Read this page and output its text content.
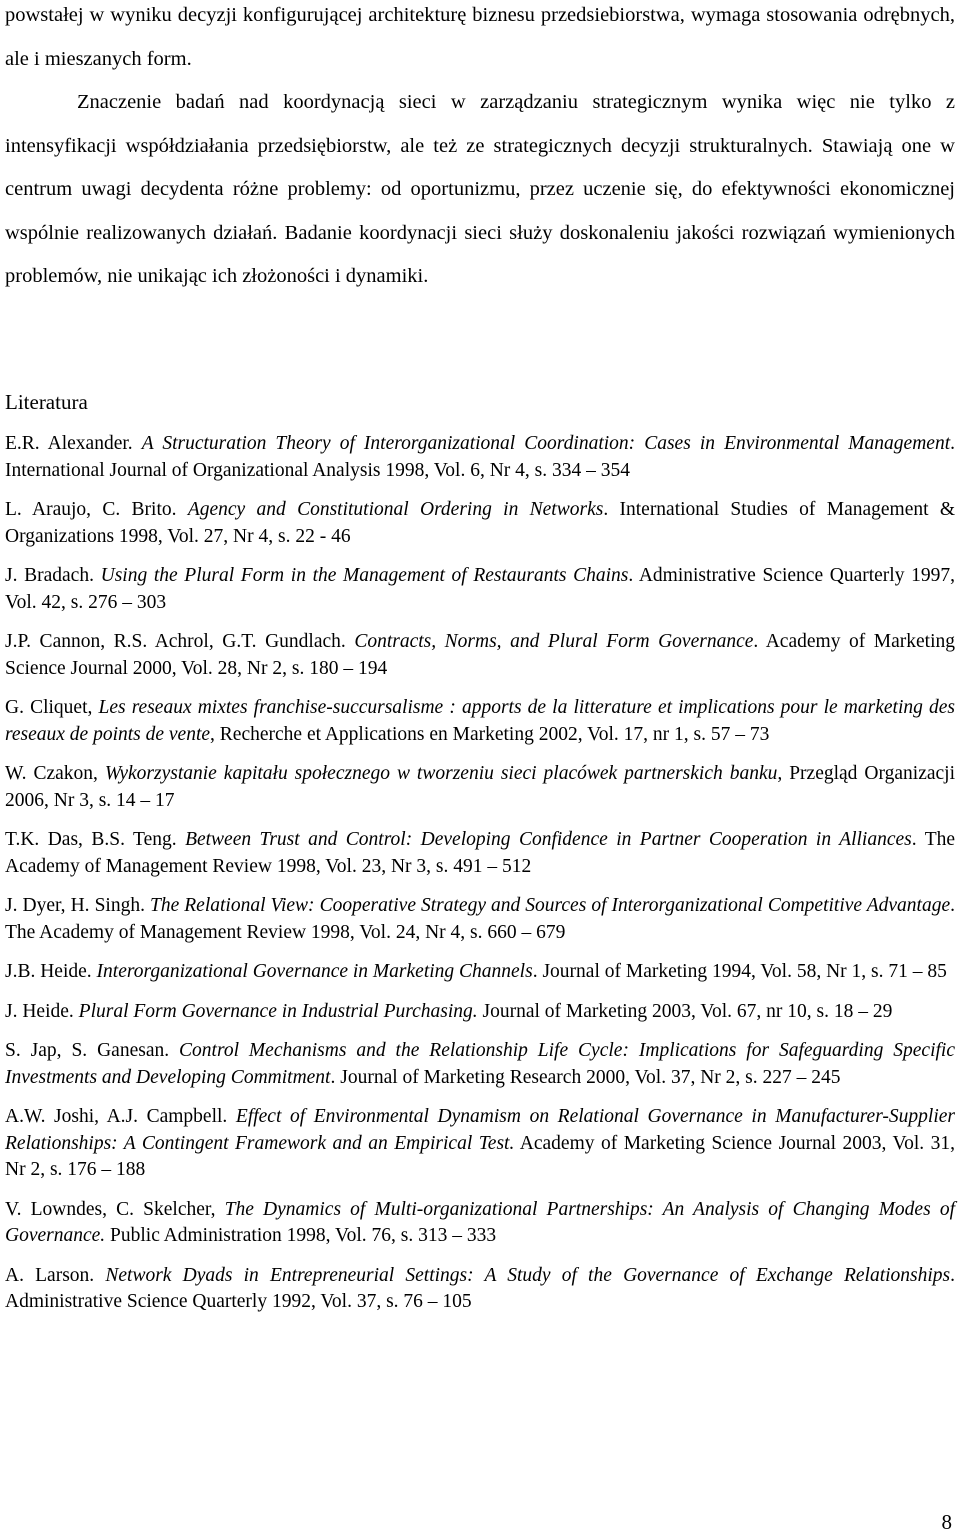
powstałej w wyniku decyzji konfigurującej architekturę biznesu przedsiebiorstwa, wymaga stosowania odrębnych, ale i mieszanych form.

Znaczenie badań nad koordynacją sieci w zarządzaniu strategicznym wynika więc nie tylko z intensyfikacji współdziałania przedsiębiorstw, ale też ze strategicznych decyzji strukturalnych. Stawiają one w centrum uwagi decydenta różne problemy: od oportunizmu, przez uczenie się, do efektywności ekonomicznej wspólnie realizowanych działań. Badanie koordynacji sieci służy doskonaleniu jakości rozwiązań wymienionych problemów, nie unikając ich złożoności i dynamiki.

Literatura
E.R. Alexander. A Structuration Theory of Interorganizational Coordination: Cases in Environmental Management. International Journal of Organizational Analysis 1998, Vol. 6, Nr 4, s. 334 – 354
L. Araujo, C. Brito. Agency and Constitutional Ordering in Networks. International Studies of Management & Organizations 1998, Vol. 27, Nr 4, s. 22 - 46
J. Bradach. Using the Plural Form in the Management of Restaurants Chains. Administrative Science Quarterly 1997, Vol. 42, s. 276 – 303
J.P. Cannon, R.S. Achrol, G.T. Gundlach. Contracts, Norms, and Plural Form Governance. Academy of Marketing Science Journal 2000, Vol. 28, Nr 2, s. 180 – 194
G. Cliquet, Les reseaux mixtes franchise-succursalisme : apports de la litterature et implications pour le marketing des reseaux de points de vente, Recherche et Applications en Marketing 2002, Vol. 17, nr 1, s. 57 – 73
W. Czakon, Wykorzystanie kapitału społecznego w tworzeniu sieci placówek partnerskich banku, Przegląd Organizacji 2006, Nr 3, s. 14 – 17
T.K. Das, B.S. Teng. Between Trust and Control: Developing Confidence in Partner Cooperation in Alliances. The Academy of Management Review 1998, Vol. 23, Nr 3, s. 491 – 512
J. Dyer, H. Singh. The Relational View: Cooperative Strategy and Sources of Interorganizational Competitive Advantage. The Academy of Management Review 1998, Vol. 24, Nr 4, s. 660 – 679
J.B. Heide. Interorganizational Governance in Marketing Channels. Journal of Marketing 1994, Vol. 58, Nr 1, s. 71 – 85
J. Heide. Plural Form Governance in Industrial Purchasing. Journal of Marketing 2003, Vol. 67, nr 10, s. 18 – 29
S. Jap, S. Ganesan. Control Mechanisms and the Relationship Life Cycle: Implications for Safeguarding Specific Investments and Developing Commitment. Journal of Marketing Research 2000, Vol. 37, Nr 2, s. 227 – 245
A.W. Joshi, A.J. Campbell. Effect of Environmental Dynamism on Relational Governance in Manufacturer-Supplier Relationships: A Contingent Framework and an Empirical Test. Academy of Marketing Science Journal 2003, Vol. 31, Nr 2, s. 176 – 188
V. Lowndes, C. Skelcher, The Dynamics of Multi-organizational Partnerships: An Analysis of Changing Modes of Governance. Public Administration 1998, Vol. 76, s. 313 – 333
A. Larson. Network Dyads in Entrepreneurial Settings: A Study of the Governance of Exchange Relationships. Administrative Science Quarterly 1992, Vol. 37, s. 76 – 105
8
